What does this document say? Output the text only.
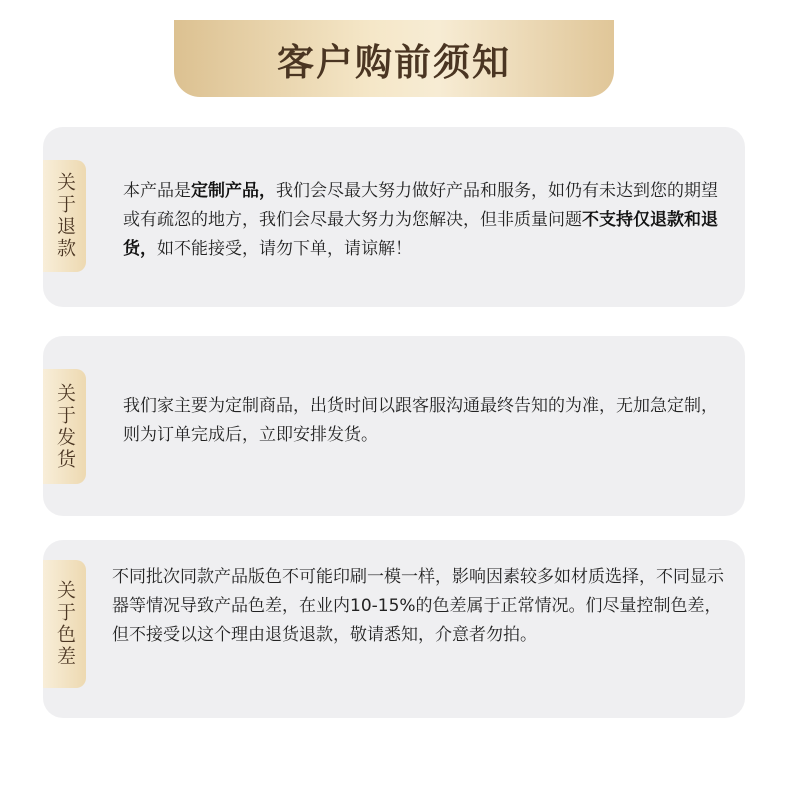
客户购前须知
关于退款	本产品是定制产品，我们会尽最大努力做好产品和服务，如仍有未达到您的期望或有疏忽的地方，我们会尽最大努力为您解决，但非质量问题不支持仅退款和退货，如不能接受，请勿下单，请谅解！
关于发货	我们家主要为定制商品，出货时间以跟客服沟通最终告知的为准，无加急定制，则为订单完成后，立即安排发货。
关于色差
不同批次同款产品版色不可能印刷一模一样，影响因素较多如材质选择，不同显示器等情况导致产品色差，在业内10-15%的色差属于正常情况。们尽量控制色差，但不接受以这个理由退货退款，敬请悉知，介意者勿拍。
